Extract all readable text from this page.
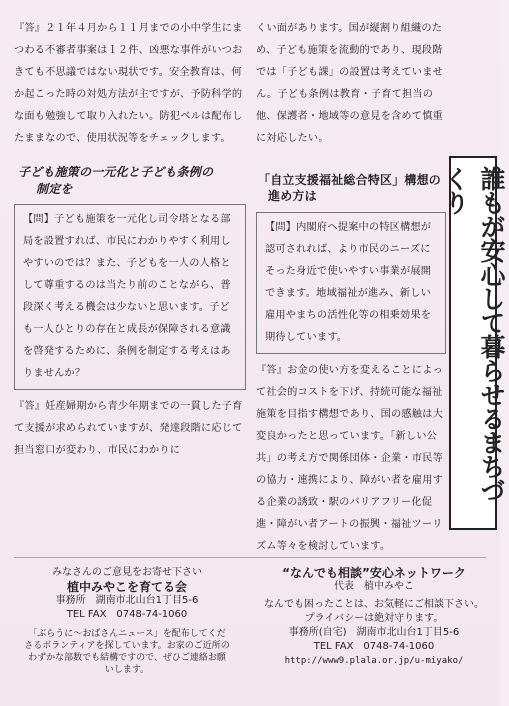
『答』２１年４月から１１月までの小中学生にまつわる不審者事案は１２件、凶悪な事件がいつおきても不思議ではない現状です。安全教育は、何か起こった時の対処方法が主ですが、予防科学的な面も勉強して取り入れたい。防犯ベルは配布したままなので、使用状況等をチェックします。

子ども施策の一元化と子ども条例の
制定を

【問】子ども施策を一元化し司令塔となる部局を設置すれば、市民にわかりやすく利用しやすいのでは？また、子どもを一人の人格として尊重するのは当たり前のことながら、普段深く考える機会は少ないと思います。子ども一人ひとりの存在と成長が保障される意識を啓発するために、条例を制定する考えはありませんか？

『答』妊産婦期から青少年期までの一貫した子育て支援が求められていますが、発達段階に応じて担当窓口が変わり、市民にわかりに

くい面があります。国が縦割り組織のため、子ども施策を流動的であり、現段階では「子ども課」の設置は考えていません。子ども条例は教育・子育て担当の他、保護者・地域等の意見を含めて慎重に対応したい。

「自立支援福祉総合特区」構想の
進め方は

【問】内閣府へ提案中の特区構想が認可されれば、より市民のニーズにそった身近で使いやすい事業が展開できます。地域福祉が進み、新しい雇用やまちの活性化等の相乗効果を期待しています。

『答』お金の使い方を変えることによって社会的コストを下げ、持続可能な福祉施策を目指す構想であり、国の感触は大変良かったと思っています。「新しい公共」の考え方で関係団体・企業・市民等の協力・連携により、障がい者を雇用する企業の誘致・駅のバリアフリー化促進・障がい者アートの振興・福祉ツーリズム等々を検討しています。

誰もが安心して暮らせるまちづくり
みなさんのご意見をお寄せ下さい
植中みやこを育てる会
事務所　湖南市北山台1丁目5-6
TEL FAX　0748-74-1060
「ぶらうに～おばさんニュース」を配布してくださるボランティアを探しています。お家のご近所のわずかな部数でも結構ですので、ぜひご連絡お願いします。
“なんでも相談”安心ネットワーク
代表　植中みやこ
なんでも困ったことは、お気軽にご相談下さい。
プライバシーは絶対守ります。
事務所(自宅)　湖南市北山台1丁目5-6
TEL FAX　0748-74-1060
http://www9.plala.or.jp/u-miyako/
